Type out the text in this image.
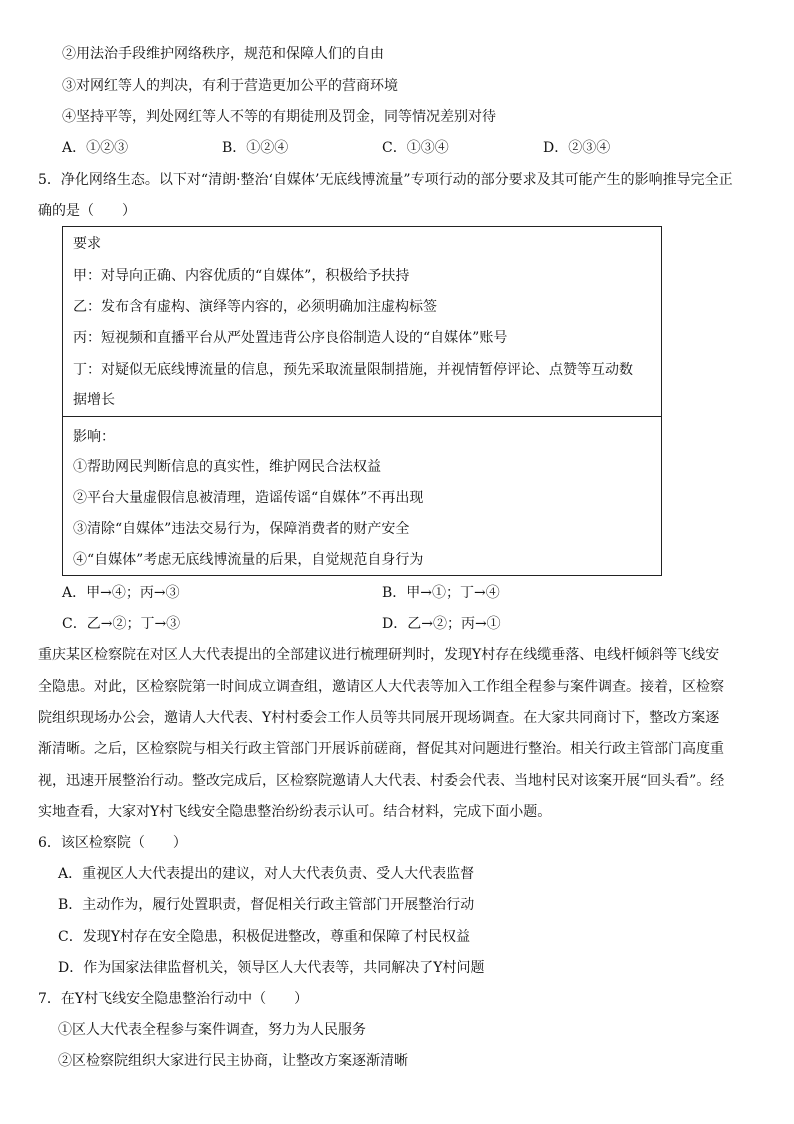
②用法治手段维护网络秩序，规范和保障人们的自由
③对网红等人的判决，有利于营造更加公平的营商环境
④坚持平等，判处网红等人不等的有期徒刑及罚金，同等情况差别对待
A．①②③	B．①②④	C．①③④	D．②③④
5．净化网络生态。以下对“清朗·整治‘自媒体’无底线博流量”专项行动的部分要求及其可能产生的影响推导完全正
确的是（　　）
要求
甲：对导向正确、内容优质的“自媒体”，积极给予扶持
乙：发布含有虚构、演绎等内容的，必须明确加注虚构标签
丙：短视频和直播平台从严处置违背公序良俗制造人设的“自媒体”账号
丁：对疑似无底线博流量的信息，预先采取流量限制措施，并视情暂停评论、点赞等互动数
据增长
影响：
①帮助网民判断信息的真实性，维护网民合法权益
②平台大量虚假信息被清理，造谣传谣“自媒体”不再出现
③清除“自媒体”违法交易行为，保障消费者的财产安全
④“自媒体”考虑无底线博流量的后果，自觉规范自身行为
A．甲→④；丙→③	B．甲→①；丁→④
C．乙→②；丁→③	D．乙→②；丙→①
重庆某区检察院在对区人大代表提出的全部建议进行梳理研判时，发现Y村存在线缆垂落、电线杆倾斜等飞线安
全隐患。对此，区检察院第一时间成立调查组，邀请区人大代表等加入工作组全程参与案件调查。接着，区检察
院组织现场办公会，邀请人大代表、Y村村委会工作人员等共同展开现场调查。在大家共同商讨下，整改方案逐
渐清晰。之后，区检察院与相关行政主管部门开展诉前磋商，督促其对问题进行整治。相关行政主管部门高度重
视，迅速开展整治行动。整改完成后，区检察院邀请人大代表、村委会代表、当地村民对该案开展“回头看”。经
实地查看，大家对Y村飞线安全隐患整治纷纷表示认可。结合材料，完成下面小题。
6．该区检察院（　　）
A．重视区人大代表提出的建议，对人大代表负责、受人大代表监督
B．主动作为，履行处置职责，督促相关行政主管部门开展整治行动
C．发现Y村存在安全隐患，积极促进整改，尊重和保障了村民权益
D．作为国家法律监督机关，领导区人大代表等，共同解决了Y村问题
7．在Y村飞线安全隐患整治行动中（　　）
①区人大代表全程参与案件调查，努力为人民服务
②区检察院组织大家进行民主协商，让整改方案逐渐清晰
